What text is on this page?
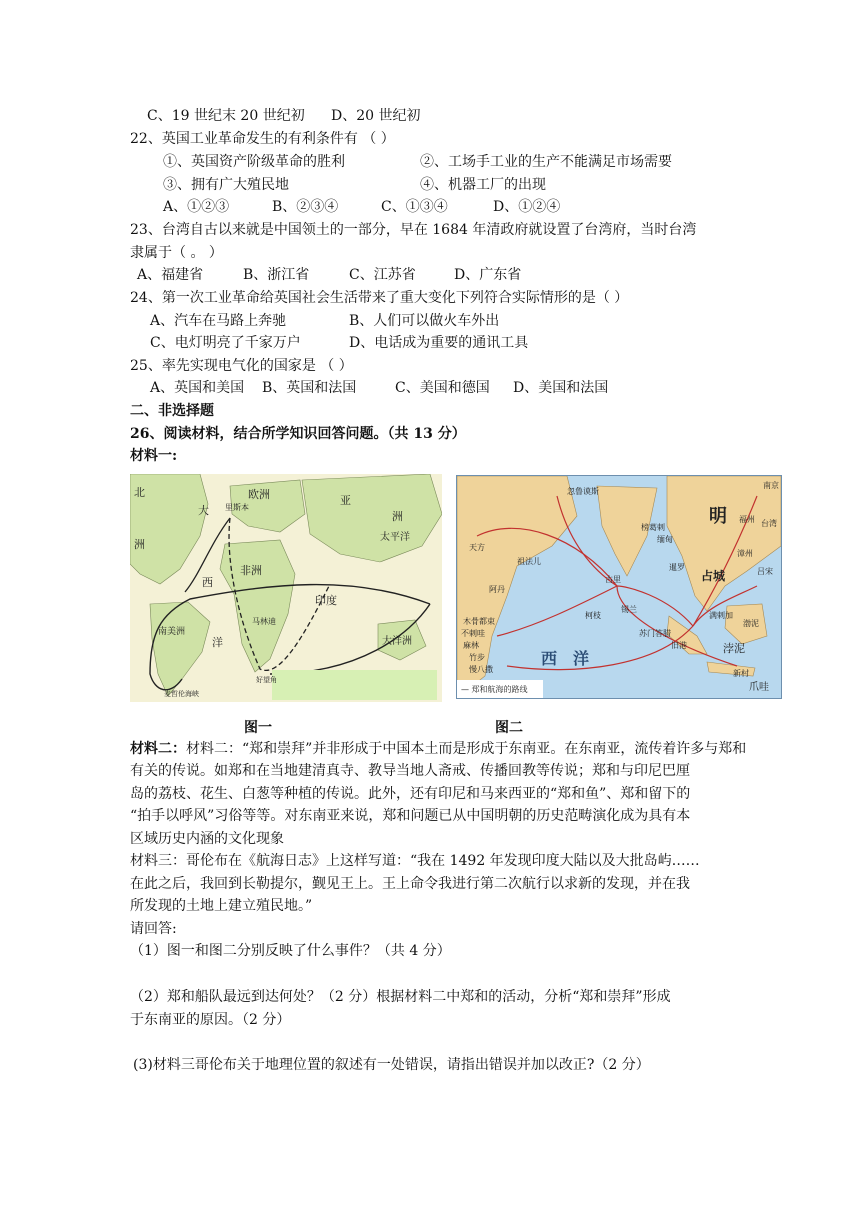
C、19 世纪末 20 世纪初 D、20 世纪初
22、英国工业革命发生的有利条件有 （ ）
①、英国资产阶级革命的胜利	②、工场手工业的生产不能满足市场需要
③、拥有广大殖民地	④、机器工厂的出现
A、①②③	B、②③④	C、①③④	D、①②④
23、台湾自古以来就是中国领土的一部分，早在 1684 年清政府就设置了台湾府，当时台湾
隶属于（ 。 ）
A、福建省	B、浙江省	C、江苏省	D、广东省
24、第一次工业革命给英国社会生活带来了重大变化下列符合实际情形的是（ ）
A、汽车在马路上奔驰	B、人们可以做火车外出
C、电灯明亮了千家万户	D、电话成为重要的通讯工具
25、率先实现电气化的国家是 （ ）
A、英国和美国 B、英国和法国	C、美国和德国 D、美国和法国
二、非选择题
26、阅读材料，结合所学知识回答问题。（共 13 分）
材料一:
北
洲
大
欧洲
里斯本
亚
洲
太平洋
西
非洲
马林迪
南美洲
洋
印度
大洋洲
好望角
麦哲伦海峡
明
南京
福州 台湾
漳州
吕宋
忽鲁谟斯
天方
祖法儿
阿丹
古里
柯枝
锡兰
木骨都束
不剌哇
麻林
竹步
慢八撒
榜葛剌
缅甸
暹罗
占城
满剌加
苏门答腊
旧港	浡泥
渤泥
新村
爪哇
西　洋
— 郑和航海的路线
图一	图二
材料二：材料二：“郑和崇拜”并非形成于中国本土而是形成于东南亚。在东南亚，流传着许多与郑和
有关的传说。如郑和在当地建清真寺、教导当地人斋戒、传播回教等传说；郑和与印尼巴厘
岛的荔枝、花生、白葱等种植的传说。此外，还有印尼和马来西亚的“郑和鱼”、郑和留下的
“拍手以呼风”习俗等等。对东南亚来说，郑和问题已从中国明朝的历史范畴演化成为具有本
区域历史内涵的文化现象
材料三：哥伦布在《航海日志》上这样写道：“我在 1492 年发现印度大陆以及大批岛屿……
在此之后，我回到长勒提尔，觐见王上。王上命令我进行第二次航行以求新的发现，并在我
所发现的土地上建立殖民地。”
请回答:
（1）图一和图二分别反映了什么事件？（共 4 分）
（2）郑和船队最远到达何处？（2 分）根据材料二中郑和的活动，分析“郑和崇拜”形成
于东南亚的原因。（2 分）
(3)材料三哥伦布关于地理位置的叙述有一处错误，请指出错误并加以改正?（2 分）
